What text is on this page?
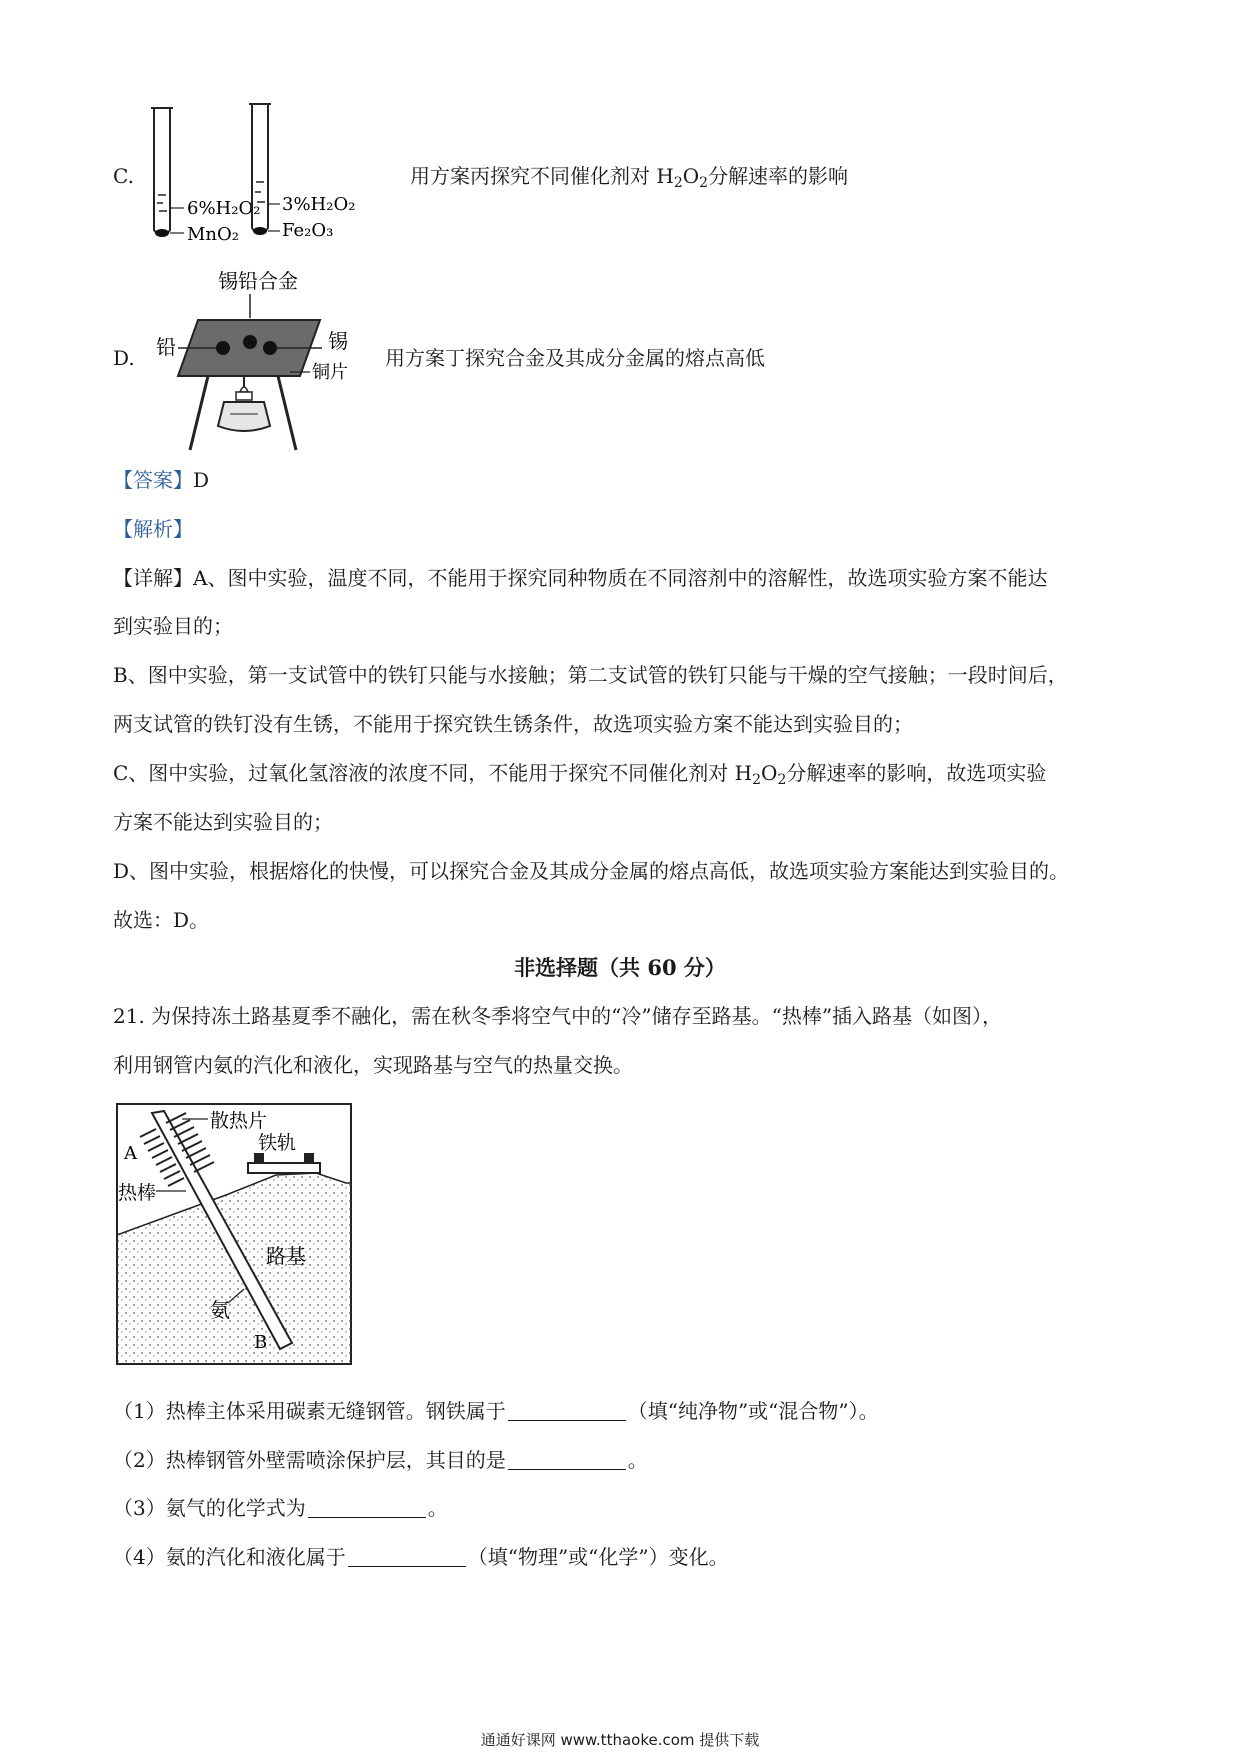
C.
6%H₂O₂
MnO₂
3%H₂O₂
Fe₂O₃
用方案丙探究不同催化剂对 $H_2O_2$分解速率的影响
D.
锡铅合金
铅	锡
铜片
用方案丁探究合金及其成分金属的熔点高低
【答案】D
【解析】
【详解】A、图中实验，温度不同，不能用于探究同种物质在不同溶剂中的溶解性，故选项实验方案不能达
到实验目的；
B、图中实验，第一支试管中的铁钉只能与水接触；第二支试管的铁钉只能与干燥的空气接触；一段时间后，
两支试管的铁钉没有生锈，不能用于探究铁生锈条件，故选项实验方案不能达到实验目的；
C、图中实验，过氧化氢溶液的浓度不同，不能用于探究不同催化剂对 $H_2O_2$分解速率的影响，故选项实验
方案不能达到实验目的；
D、图中实验，根据熔化的快慢，可以探究合金及其成分金属的熔点高低，故选项实验方案能达到实验目的。
故选：D。
非选择题（共 60 分）
21. 为保持冻土路基夏季不融化，需在秋冬季将空气中的“冷”储存至路基。“热棒”插入路基（如图），
利用钢管内氨的汽化和液化，实现路基与空气的热量交换。
散热片
A	铁轨
热棒
路基
氨
B
（1）热棒主体采用碳素无缝钢管。钢铁属于	（填“纯净物”或“混合物”）。
（2）热棒钢管外壁需喷涂保护层，其目的是	。
（3）氨气的化学式为	。
（4）氨的汽化和液化属于	（填“物理”或“化学”）变化。
通通好课网 www.tthaoke.com 提供下载
